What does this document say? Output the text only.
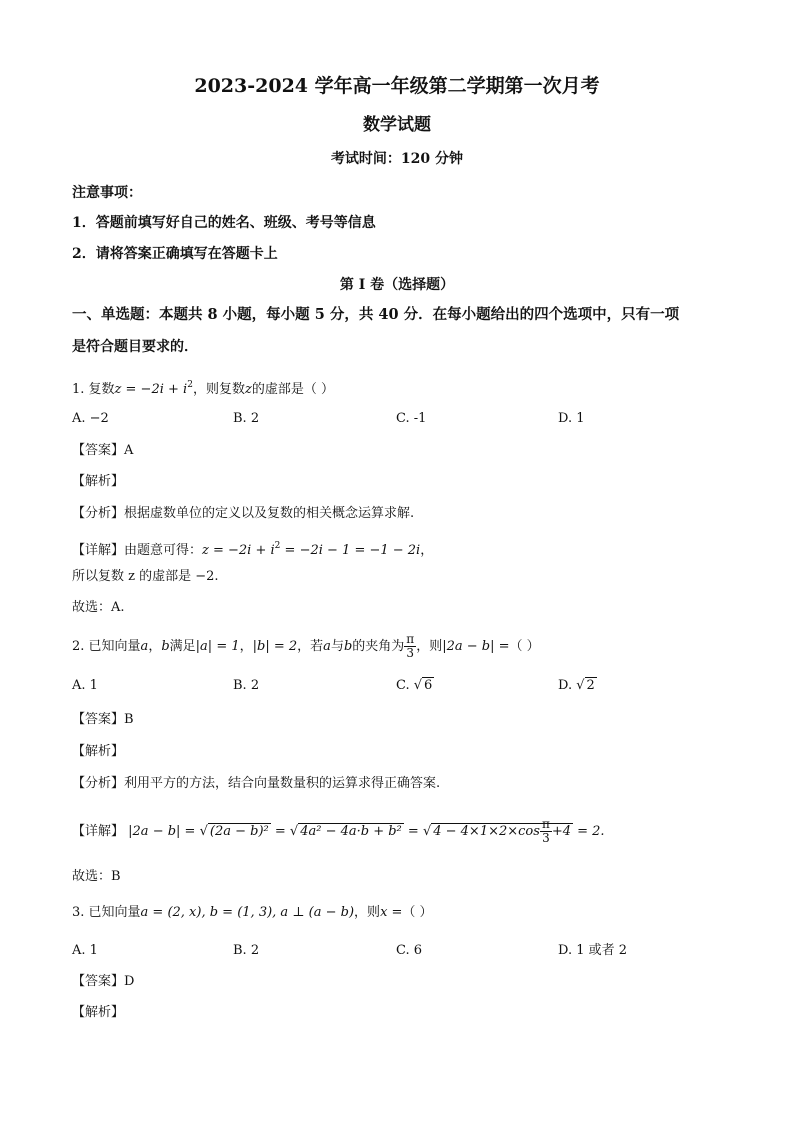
2023-2024 学年高一年级第二学期第一次月考
数学试题
考试时间：120 分钟
注意事项：
1．答题前填写好自己的姓名、班级、考号等信息
2．请将答案正确填写在答题卡上
第 I 卷（选择题）
一、单选题：本题共 8 小题，每小题 5 分，共 40 分．在每小题给出的四个选项中，只有一项
是符合题目要求的．
1. 复数$z = -2i + i^2$，则复数z的虚部是（ ）
A. −2	B. 2	C. -1	D. 1
【答案】A
【解析】
【分析】根据虚数单位的定义以及复数的相关概念运算求解.
【详解】由题意可得：$z = -2i + i^2 = -2i - 1 = -1 - 2i$，
所以复数 z 的虚部是 −2.
故选：A.
2. 已知向量a，b满足|a| = 1，|b| = 2，若a与b的夹角为 $\frac{\pi}{3}$ ，则|2a − b| =（ ）
A. 1	B. 2	C. √ 6	D. √ 2
【答案】B
【解析】
【分析】利用平方的方法，结合向量数量积的运算求得正确答案.
【详解】 |2a − b| = √ (2a − b)² = √ 4a² − 4a·b + b² = √ $4 - 4\times 1\times 2\times\cos \frac{\pi}{3} +4 = 2$.
故选：B
3. 已知向量a = (2, x), b = (1, 3), a ⊥ (a − b)，则x =（ ）
A. 1	B. 2	C. 6	D. 1 或者 2
【答案】D
【解析】
